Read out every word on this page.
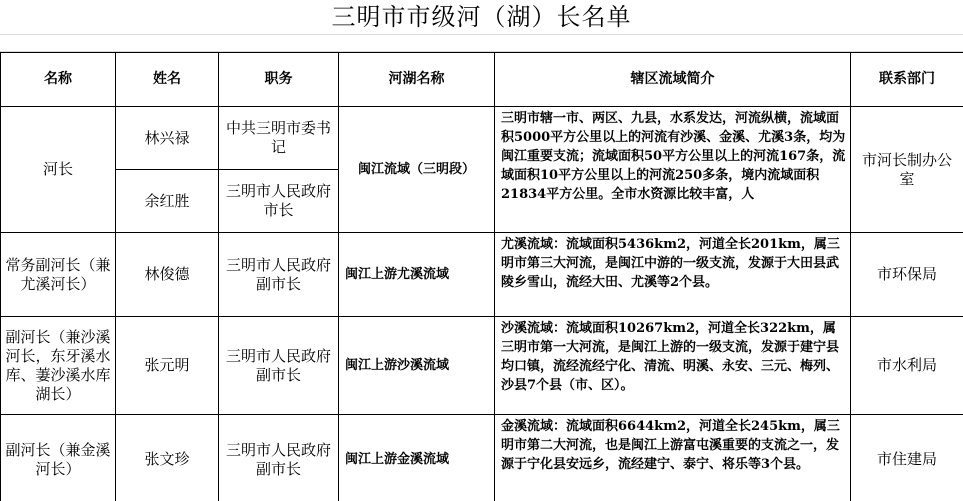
三明市市级河（湖）长名单
名称	姓名	职务	河湖名称	辖区流域简介	联系部门
河长	林兴禄	中共三明市委书记	闽江流域（三明段）	三明市辖一市、两区、九县，水系发达，河流纵横，流域面积5000平方公里以上的河流有沙溪、金溪、尤溪3条，均为闽江重要支流；流域面积50平方公里以上的河流167条，流域面积10平方公里以上的河流250多条，境内流域面积21834平方公里。全市水资源比较丰富，人	市河长制办公室
	余红胜	三明市人民政府市长			
常务副河长（兼尤溪河长）	林俊德	三明市人民政府副市长	闽江上游尤溪流域	尤溪流域：流域面积5436km2，河道全长201km，属三明市第三大河流，是闽江中游的一级支流，发源于大田县武陵乡雪山，流经大田、尤溪等2个县。	市环保局
副河长（兼沙溪河长，东牙溪水库、萋沙溪水库湖长）	张元明	三明市人民政府副市长	闽江上游沙溪流域	沙溪流域：流域面积10267km2，河道全长322km，属三明市第一大河流，是闽江上游的一级支流，发源于建宁县均口镇，流经流经宁化、清流、明溪、永安、三元、梅列、沙县7个县（市、区）。	市水利局
副河长（兼金溪河长）	张文珍	三明市人民政府副市长	闽江上游金溪流域	金溪流域：流域面积6644km2，河道全长245km，属三明市第二大河流，也是闽江上游富屯溪重要的支流之一，发源于宁化县安远乡，流经建宁、泰宁、将乐等3个县。	市住建局
